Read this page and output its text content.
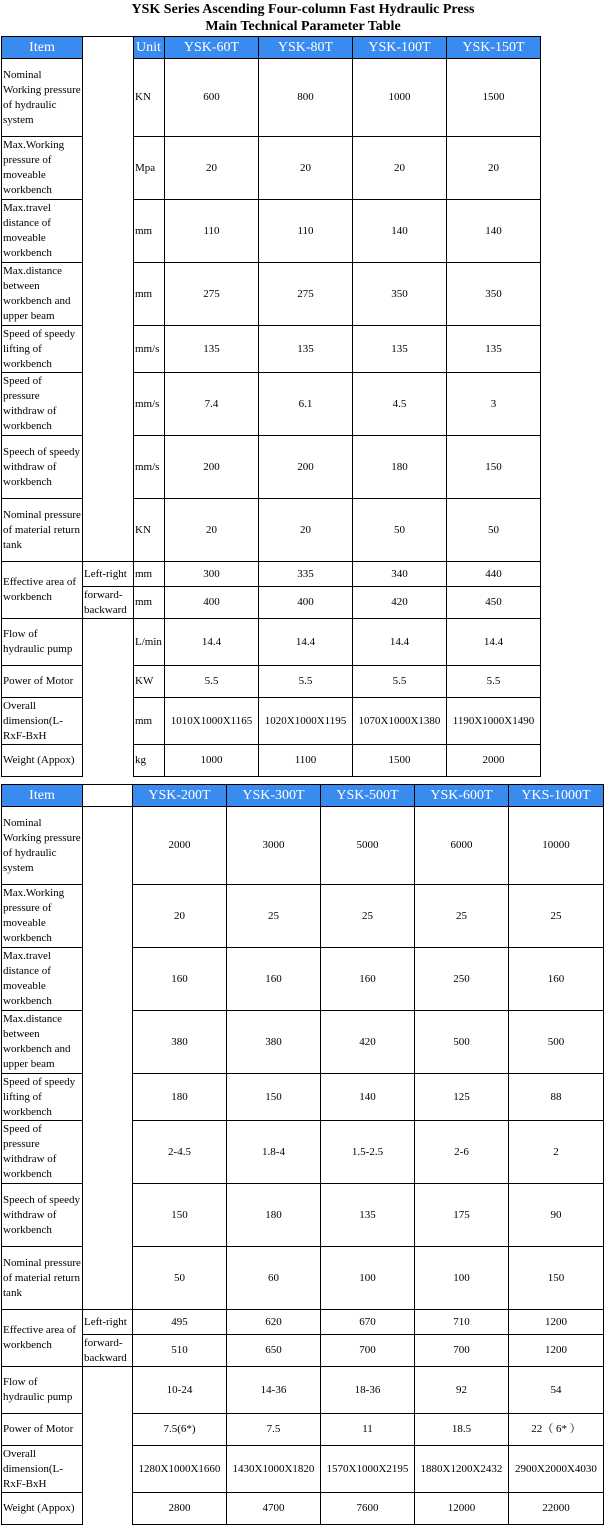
YSK Series Ascending Four-column Fast Hydraulic Press
Main Technical Parameter Table
Item		Unit	YSK-60T	YSK-80T	YSK-100T	YSK-150T
Nominal Working pressure of hydraulic system		KN	600	800	1000	1500
Max.Working pressure of moveable workbench		Mpa	20	20	20	20
Max.travel distance of moveable workbench		mm	110	110	140	140
Max.distance between workbench and upper beam		mm	275	275	350	350
Speed of speedy lifting of workbench		mm/s	135	135	135	135
Speed of pressure withdraw of workbench		mm/s	7.4	6.1	4.5	3
Speech of speedy withdraw of workbench		mm/s	200	200	180	150
Nominal pressure of material return tank		KN	20	20	50	50
Effective area of workbench	Left-right	mm	300	335	340	440
	forward-backward	mm	400	400	420	450
Flow of hydraulic pump		L/min	14.4	14.4	14.4	14.4
Power of Motor		KW	5.5	5.5	5.5	5.5
Overall dimension(L-RxF-BxH		mm	1010X1000X1165	1020X1000X1195	1070X1000X1380	1190X1000X1490
Weight (Appox)		kg	1000	1100	1500	2000
Item		YSK-200T	YSK-300T	YSK-500T	YSK-600T	YKS-1000T
Nominal Working pressure of hydraulic system		2000	3000	5000	6000	10000
Max.Working pressure of moveable workbench		20	25	25	25	25
Max.travel distance of moveable workbench		160	160	160	250	160
Max.distance between workbench and upper beam		380	380	420	500	500
Speed of speedy lifting of workbench		180	150	140	125	88
Speed of pressure withdraw of workbench		2-4.5	1.8-4	1.5-2.5	2-6	2
Speech of speedy withdraw of workbench		150	180	135	175	90
Nominal pressure of material return tank		50	60	100	100	150
Effective area of workbench	Left-right	495	620	670	710	1200
	forward-backward	510	650	700	700	1200
Flow of hydraulic pump		10-24	14-36	18-36	92	54
Power of Motor		7.5(6*)	7.5	11	18.5	22（ 6* ）
Overall dimension(L-RxF-BxH		1280X1000X1660	1430X1000X1820	1570X1000X2195	1880X1200X2432	2900X2000X4030
Weight (Appox)		2800	4700	7600	12000	22000
